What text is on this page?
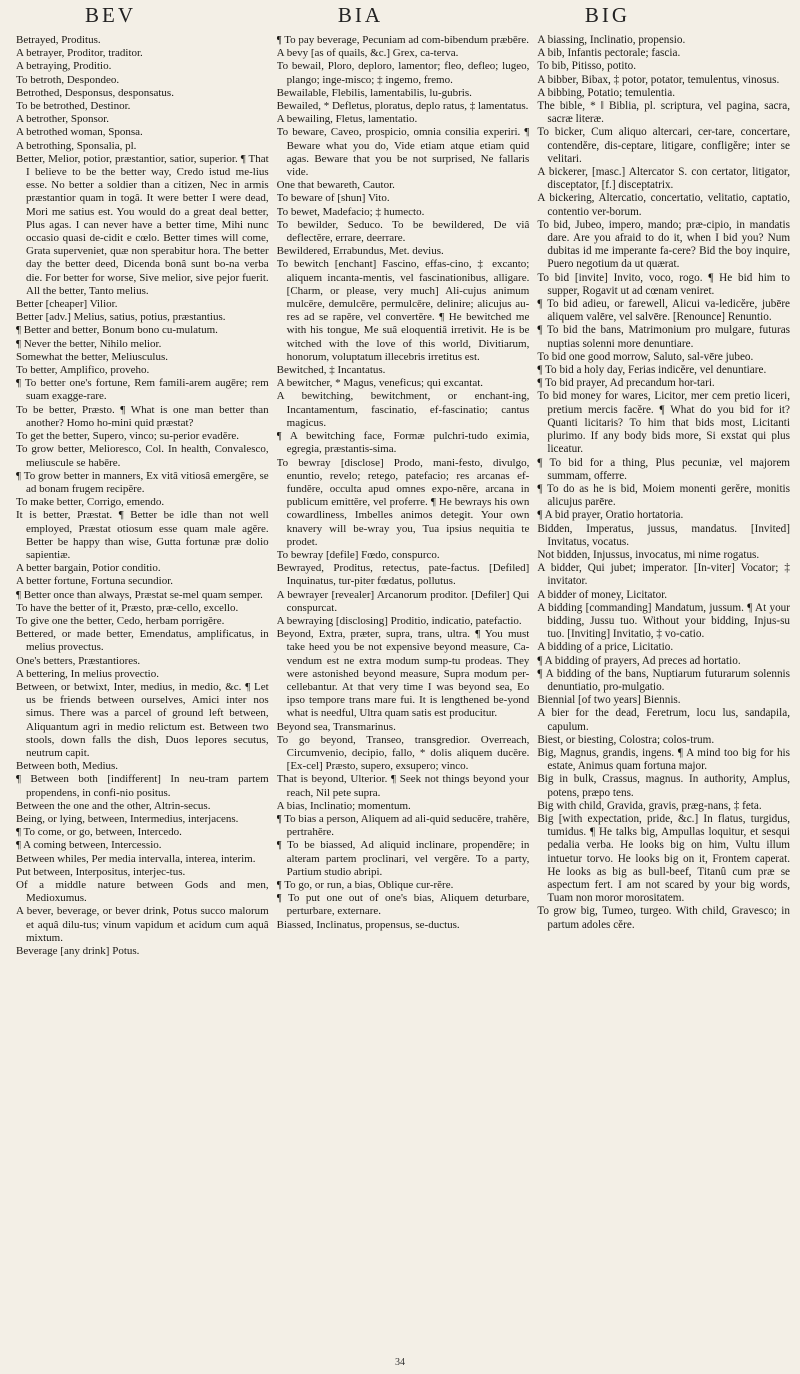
BEV	BIA	BIG

Betrayed, Proditus.

A betrayer, Proditor, traditor.

A betraying, Proditio.

To betroth, Despondeo.

Betrothed, Desponsus, desponsatus.

To be betrothed, Destinor.

A betrother, Sponsor.

A betrothed woman, Sponsa.

A betrothing, Sponsalia, pl.

Better, Melior, potior, præstantior, satior, superior. ¶ That I believe to be the better way, Credo istud me-lius esse. No better a soldier than a citizen, Nec in armis præstantior quam in togâ. It were better I were dead, Mori me satius est. You would do a great deal better, Plus agas. I can never have a better time, Mihi nunc occasio quasi de-cidit e cœlo. Better times will come, Grata superveniet, quæ non sperabitur hora. The better day the better deed, Dicenda bonâ sunt bo-na verba die. For better for worse, Sive melior, sive pejor fuerit. All the better, Tanto melius.

Better [cheaper] Vilior.

Better [adv.] Melius, satius, potius, præstantius.

¶ Better and better, Bonum bono cu-mulatum.

¶ Never the better, Nihilo melior.

Somewhat the better, Meliusculus.

To better, Amplifico, proveho.

¶ To better one's fortune, Rem famili-arem augēre; rem suam exagge-rare.

To be better, Præsto. ¶ What is one man better than another? Homo ho-mini quid præstat?

To get the better, Supero, vinco; su-perior evadĕre.

To grow better, Melioresco, Col. In health, Convalesco, meliuscule se habēre.

¶ To grow better in manners, Ex vitâ vitiosâ emergĕre, se ad bonam frugem recipĕre.

To make better, Corrigo, emendo.

It is better, Præstat. ¶ Better be idle than not well employed, Præstat otiosum esse quam male agĕre. Better be happy than wise, Gutta fortunæ præ dolio sapientiæ.

A better bargain, Potior conditio.

A better fortune, Fortuna secundior.

¶ Better once than always, Præstat se-mel quam semper.

To have the better of it, Præsto, præ-cello, excello.

To give one the better, Cedo, herbam porrigĕre.

Bettered, or made better, Emendatus, amplificatus, in melius provectus.

One's betters, Præstantiores.

A bettering, In melius provectio.

Between, or betwixt, Inter, medius, in medio, &c. ¶ Let us be friends between ourselves, Amici inter nos simus. There was a parcel of ground left between, Aliquantum agri in medio relictum est. Between two stools, down falls the dish, Duos lepores secutus, neutrum capit.

Between both, Medius.

¶ Between both [indifferent] In neu-tram partem propendens, in confi-nio positus.

Between the one and the other, Altrin-secus.

Being, or lying, between, Intermedius, interjacens.

¶ To come, or go, between, Intercedo.

¶ A coming between, Intercessio.

Between whiles, Per media intervalla, interea, interim.

Put between, Interpositus, interjec-tus.

Of a middle nature between Gods and men, Medioxumus.

A bever, beverage, or bever drink, Potus succo malorum et aquâ dilu-tus; vinum vapidum et acidum cum aquâ mixtum.

Beverage [any drink] Potus.

¶ To pay beverage, Pecuniam ad com-bibendum præbēre.

A bevy [as of quails, &c.] Grex, ca-terva.

To bewail, Ploro, deploro, lamentor; fleo, defleo; lugeo, plango; inge-misco; ‡ ingemo, fremo.

Bewailable, Flebilis, lamentabilis, lu-gubris.

Bewailed, * Defletus, ploratus, deplo ratus, ‡ lamentatus.

A bewailing, Fletus, lamentatio.

To beware, Caveo, prospicio, omnia consilia experiri. ¶ Beware what you do, Vide etiam atque etiam quid agas. Beware that you be not surprised, Ne fallaris vide.

One that bewareth, Cautor.

To beware of [shun] Vito.

To bewet, Madefacio; ‡ humecto.

To bewilder, Seduco. To be bewildered, De viâ deflectĕre, errare, deerrare.

Bewildered, Errabundus, Met. devius.

To bewitch [enchant] Fascino, effas-cino, ‡ excanto; aliquem incanta-mentis, vel fascinationibus, alligare. [Charm, or please, very much] Ali-cujus animum mulcēre, demulcēre, permulcēre, delinire; alicujus au-res ad se rapĕre, vel convertĕre. ¶ He bewitched me with his tongue, Me suâ eloquentiâ irretivit. He is be witched with the love of this world, Divitiarum, honorum, voluptatum illecebris irretitus est.

Bewitched, ‡ Incantatus.

A bewitcher, * Magus, veneficus; qui excantat.

A bewitching, bewitchment, or enchant-ing, Incantamentum, fascinatio, ef-fascinatio; cantus magicus.

¶ A bewitching face, Formæ pulchri-tudo eximia, egregia, præstantis-sima.

To bewray [disclose] Prodo, mani-festo, divulgo, enuntio, revelo; retego, patefacio; res arcanas ef-fundĕre, occulta apud omnes expo-nĕre, arcana in publicum emittĕre, vel proferre. ¶ He bewrays his own cowardliness, Imbelles animos detegit. Your own knavery will be-wray you, Tua ipsius nequitia te prodet.

To bewray [defile] Fœdo, conspurco.

Bewrayed, Proditus, retectus, pate-factus. [Defiled] Inquinatus, tur-piter fœdatus, pollutus.

A bewrayer [revealer] Arcanorum proditor. [Defiler] Qui conspurcat.

A bewraying [disclosing] Proditio, indicatio, patefactio.

Beyond, Extra, præter, supra, trans, ultra. ¶ You must take heed you be not expensive beyond measure, Ca-vendum est ne extra modum sump-tu prodeas. They were astonished beyond measure, Supra modum per-cellebantur. At that very time I was beyond sea, Eo ipso tempore trans mare fui. It is lengthened be-yond what is needful, Ultra quam satis est producitur.

Beyond sea, Transmarinus.

To go beyond, Transeo, transgredior. Overreach, Circumvenio, decipio, fallo, * dolis aliquem ducĕre. [Ex-cel] Præsto, supero, exsupero; vinco.

That is beyond, Ulterior. ¶ Seek not things beyond your reach, Nil pete supra.

A bias, Inclinatio; momentum.

¶ To bias a person, Aliquem ad ali-quid seducĕre, trahĕre, pertrahĕre.

¶ To be biassed, Ad aliquid inclinare, propendĕre; in alteram partem proclinari, vel vergĕre. To a party, Partium studio abripi.

¶ To go, or run, a bias, Oblique cur-rĕre.

¶ To put one out of one's bias, Aliquem deturbare, perturbare, externare.

Biassed, Inclinatus, propensus, se-ductus.

A biassing, Inclinatio, propensio.

A bib, Infantis pectorale; fascia.

To bib, Pitisso, potito.

A bibber, Bibax, ‡ potor, potator, temulentus, vinosus.

A bibbing, Potatio; temulentia.

The bible, * ‖ Biblia, pl. scriptura, vel pagina, sacra, sacræ literæ.

To bicker, Cum aliquo altercari, cer-tare, concertare, contendĕre, dis-ceptare, litigare, confligĕre; inter se velitari.

A bickerer, [masc.] Altercator S. con certator, litigator, disceptator, [f.] disceptatrix.

A bickering, Altercatio, concertatio, velitatio, captatio, contentio ver-borum.

To bid, Jubeo, impero, mando; præ-cipio, in mandatis dare. Are you afraid to do it, when I bid you? Num dubitas id me imperante fa-cere? Bid the boy inquire, Puero negotium da ut quærat.

To bid [invite] Invito, voco, rogo. ¶ He bid him to supper, Rogavit ut ad cœnam veniret.

¶ To bid adieu, or farewell, Alicui va-ledicĕre, jubēre aliquem valēre, vel salvēre. [Renounce] Renuntio.

¶ To bid the bans, Matrimonium pro mulgare, futuras nuptias solenni more denuntiare.

To bid one good morrow, Saluto, sal-vēre jubeo.

¶ To bid a holy day, Ferias indicĕre, vel denuntiare.

¶ To bid prayer, Ad precandum hor-tari.

To bid money for wares, Licitor, mer cem pretio liceri, pretium mercis facĕre. ¶ What do you bid for it? Quanti licitaris? To him that bids most, Licitanti plurimo. If any body bids more, Si exstat qui plus liceatur.

¶ To bid for a thing, Plus pecuniæ, vel majorem summam, offerre.

¶ To do as he is bid, Moiem monenti gerĕre, monitis alicujus parēre.

¶ A bid prayer, Oratio hortatoria.

Bidden, Imperatus, jussus, mandatus. [Invited] Invitatus, vocatus.

Not bidden, Injussus, invocatus, mi nime rogatus.

A bidder, Qui jubet; imperator. [In-viter] Vocator; ‡ invitator.

A bidder of money, Licitator.

A bidding [commanding] Mandatum, jussum. ¶ At your bidding, Jussu tuo. Without your bidding, Injus-su tuo. [Inviting] Invitatio, ‡ vo-catio.

A bidding of a price, Licitatio.

¶ A bidding of prayers, Ad preces ad hortatio.

¶ A bidding of the bans, Nuptiarum futurarum solennis denuntiatio, pro-mulgatio.

Biennial [of two years] Biennis.

A bier for the dead, Feretrum, locu lus, sandapila, capulum.

Biest, or biesting, Colostra; colos-trum.

Big, Magnus, grandis, ingens. ¶ A mind too big for his estate, Animus quam fortuna major.

Big in bulk, Crassus, magnus. In authority, Amplus, potens, præpo tens.

Big with child, Gravida, gravis, præg-nans, ‡ feta.

Big [with expectation, pride, &c.] In flatus, turgidus, tumidus. ¶ He talks big, Ampullas loquitur, et sesqui pedalia verba. He looks big on him, Vultu illum intuetur torvo. He looks big on it, Frontem caperat. He looks as big as bull-beef, Titanû cum præ se aspectum fert. I am not scared by your big words, Tuam non moror morositatem.

To grow big, Tumeo, turgeo. With child, Gravesco; in partum adoles cĕre.

34
